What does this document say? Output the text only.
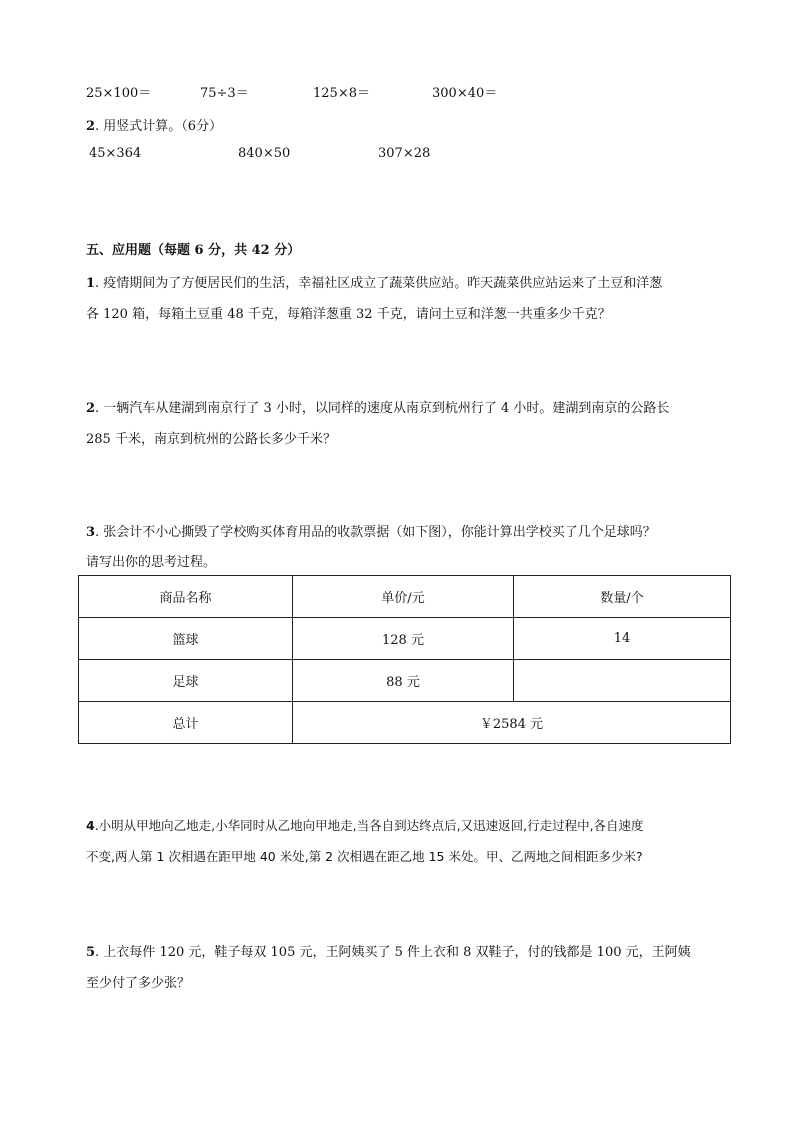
25×100＝	75÷3＝	125×8＝	300×40＝
2. 用竖式计算。（6分）
45×364	840×50	307×28
五、应用题（每题 6 分，共 42 分）
1. 疫情期间为了方便居民们的生活，幸福社区成立了蔬菜供应站。昨天蔬菜供应站运来了土豆和洋葱
各 120 箱，每箱土豆重 48 千克，每箱洋葱重 32 千克，请问土豆和洋葱一共重多少千克？
2. 一辆汽车从建湖到南京行了 3 小时，以同样的速度从南京到杭州行了 4 小时。建湖到南京的公路长
285 千米，南京到杭州的公路长多少千米？
3. 张会计不小心撕毁了学校购买体育用品的收款票据（如下图），你能计算出学校买了几个足球吗？
请写出你的思考过程。
商品名称	单价/元	数量/个
篮球	128 元	14
足球	88 元	
总计	￥2584 元	
4.小明从甲地向乙地走,小华同时从乙地向甲地走,当各自到达终点后,又迅速返回,行走过程中,各自速度
不变,两人第 1 次相遇在距甲地 40 米处,第 2 次相遇在距乙地 15 米处。甲、乙两地之间相距多少米?
5. 上衣每件 120 元，鞋子每双 105 元，王阿姨买了 5 件上衣和 8 双鞋子，付的钱都是 100 元，王阿姨
至少付了多少张？
